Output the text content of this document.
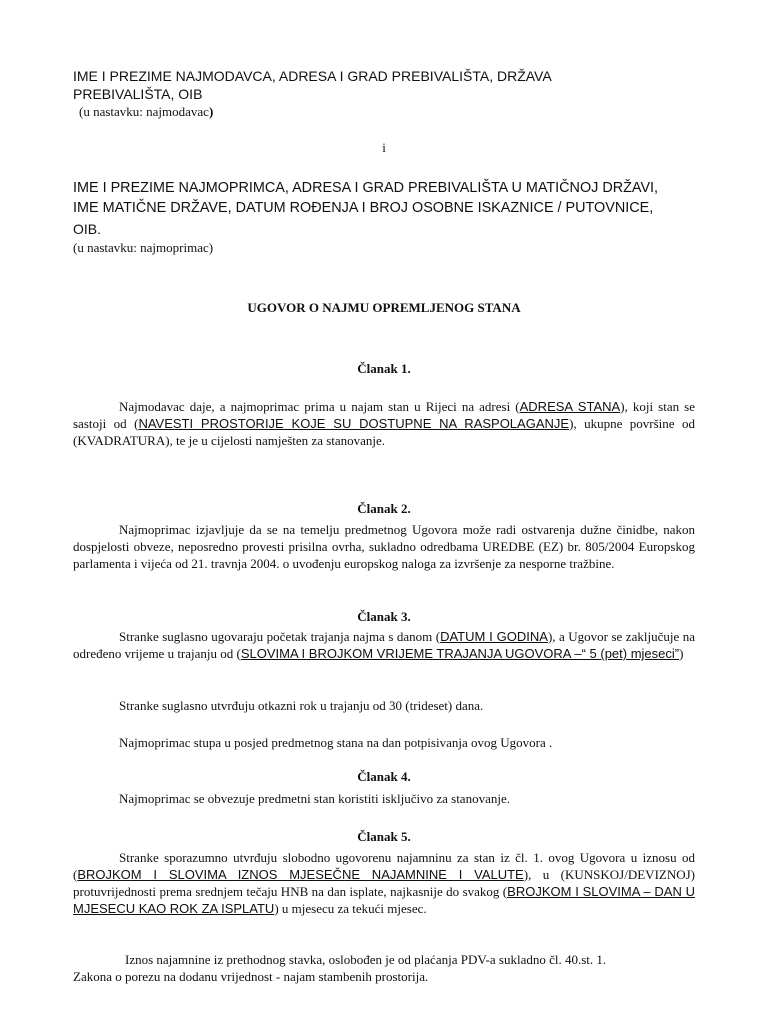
IME I PREZIME NAJMODAVCA, ADRESA I GRAD PREBIVALIŠTA, DRŽAVA
PREBIVALIŠTA, OIB
(u nastavku: najmodavac)
i
IME I PREZIME NAJMOPRIMCA, ADRESA I GRAD PREBIVALIŠTA U MATIČNOJ DRŽAVI,
IME MATIČNE DRŽAVE, DATUM ROĐENJA I BROJ OSOBNE ISKAZNICE / PUTOVNICE,
OIB.
(u nastavku: najmoprimac)
UGOVOR O NAJMU OPREMLJENOG STANA
Članak 1.

Najmodavac daje, a najmoprimac prima u najam stan u Rijeci na adresi (ADRESA STANA), koji stan se sastoji od (NAVESTI PROSTORIJE KOJE SU DOSTUPNE NA RASPOLAGANJE), ukupne površine od (KVADRATURA), te je u cijelosti namješten za stanovanje.

Članak 2.

Najmoprimac izjavljuje da se na temelju predmetnog Ugovora može radi ostvarenja dužne činidbe, nakon dospjelosti obveze, neposredno provesti prisilna ovrha, sukladno odredbama UREDBE (EZ) br. 805/2004 Europskog parlamenta i vijeća od 21. travnja 2004. o uvođenju europskog naloga za izvršenje za nesporne tražbine.

Članak 3.

Stranke suglasno ugovaraju početak trajanja najma s danom (DATUM I GODINA), a Ugovor se zaključuje na određeno vrijeme u trajanju od (SLOVIMA I BROJKOM VRIJEME TRAJANJA UGOVORA –“ 5 (pet) mjeseci”)

Stranke suglasno utvrđuju otkazni rok u trajanju od 30 (trideset) dana.

Najmoprimac stupa u posjed predmetnog stana na dan potpisivanja ovog Ugovora .

Članak 4.

Najmoprimac se obvezuje predmetni stan koristiti isključivo za stanovanje.

Članak 5.

Stranke sporazumno utvrđuju slobodno ugovorenu najamninu za stan iz čl. 1. ovog Ugovora u iznosu od (BROJKOM I SLOVIMA IZNOS MJESEČNE NAJAMNINE I VALUTE), u (KUNSKOJ/DEVIZNOJ) protuvrijednosti prema srednjem tečaju HNB na dan isplate, najkasnije do svakog (BROJKOM I SLOVIMA – DAN U MJESECU KAO ROK ZA ISPLATU) u mjesecu za tekući mjesec.

Iznos najamnine iz prethodnog stavka, oslobođen je od plaćanja PDV-a sukladno čl. 40.st. 1.

Zakona o porezu na dodanu vrijednost - najam stambenih prostorija.
